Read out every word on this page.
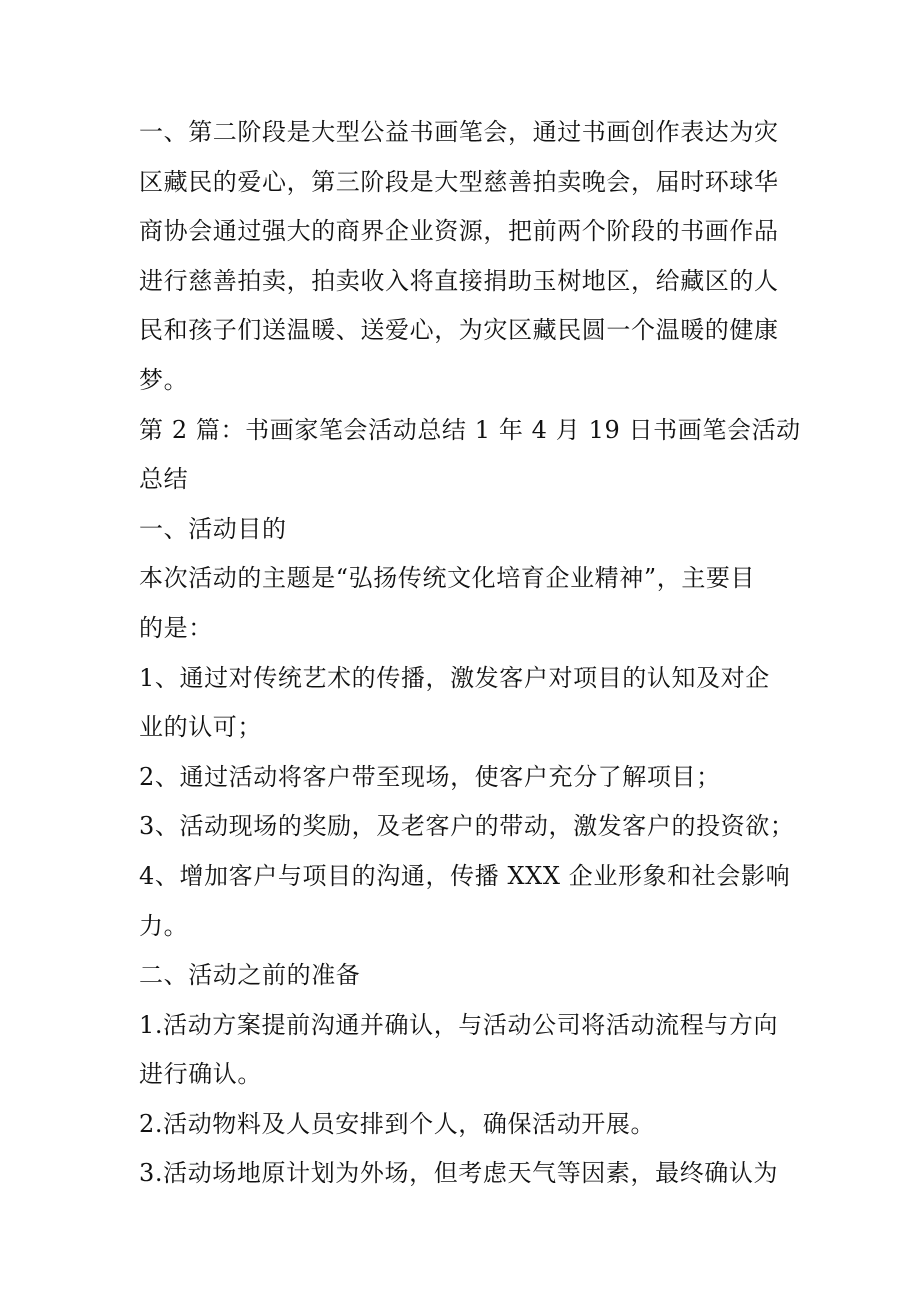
一、第二阶段是大型公益书画笔会，通过书画创作表达为灾
区藏民的爱心，第三阶段是大型慈善拍卖晚会，届时环球华
商协会通过强大的商界企业资源，把前两个阶段的书画作品
进行慈善拍卖，拍卖收入将直接捐助玉树地区，给藏区的人
民和孩子们送温暖、送爱心，为灾区藏民圆一个温暖的健康
梦。
第 2 篇：书画家笔会活动总结 1 年 4 月 19 日书画笔会活动
总结
一、活动目的
本次活动的主题是“弘扬传统文化培育企业精神”，主要目
的是：
1、通过对传统艺术的传播，激发客户对项目的认知及对企
业的认可；
2、通过活动将客户带至现场，使客户充分了解项目；
3、活动现场的奖励，及老客户的带动，激发客户的投资欲；
4、增加客户与项目的沟通，传播 XXX 企业形象和社会影响
力。
二、活动之前的准备
1.活动方案提前沟通并确认，与活动公司将活动流程与方向
进行确认。
2.活动物料及人员安排到个人，确保活动开展。
3.活动场地原计划为外场，但考虑天气等因素，最终确认为
